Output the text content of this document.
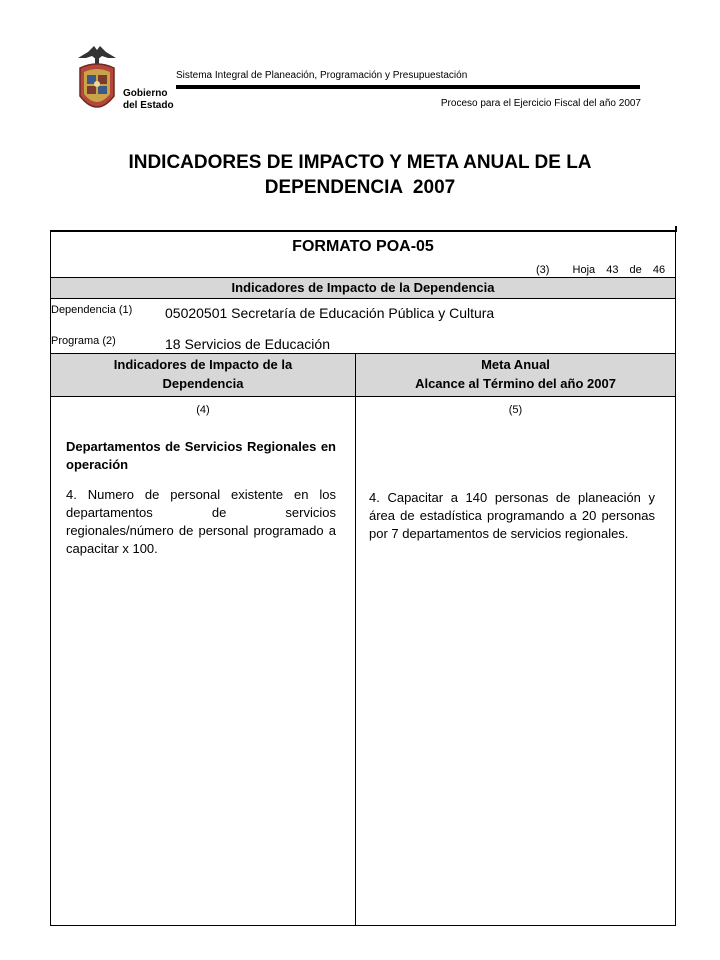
Gobierno
del Estado
Sistema Integral de Planeación, Programación y Presupuestación
Proceso para el Ejercicio Fiscal del año 2007
INDICADORES DE IMPACTO Y META ANUAL DE LA
DEPENDENCIA  2007
FORMATO POA-05
(3) Hoja 43 de 46
Indicadores de Impacto de la Dependencia
Dependencia (1) 05020501 Secretaría de Educación Pública y Cultura
Programa (2)	18 Servicios de Educación
Indicadores de Impacto de la
Dependencia
Meta Anual
Alcance al Término del año 2007
(4)	(5)
Departamentos de Servicios Regionales en operación
4. Numero de personal existente en los departamentos de servicios regionales/número de personal programado a capacitar x 100.
4. Capacitar a 140 personas de planeación y área de estadística programando a 20 personas por 7 departamentos de servicios regionales.
